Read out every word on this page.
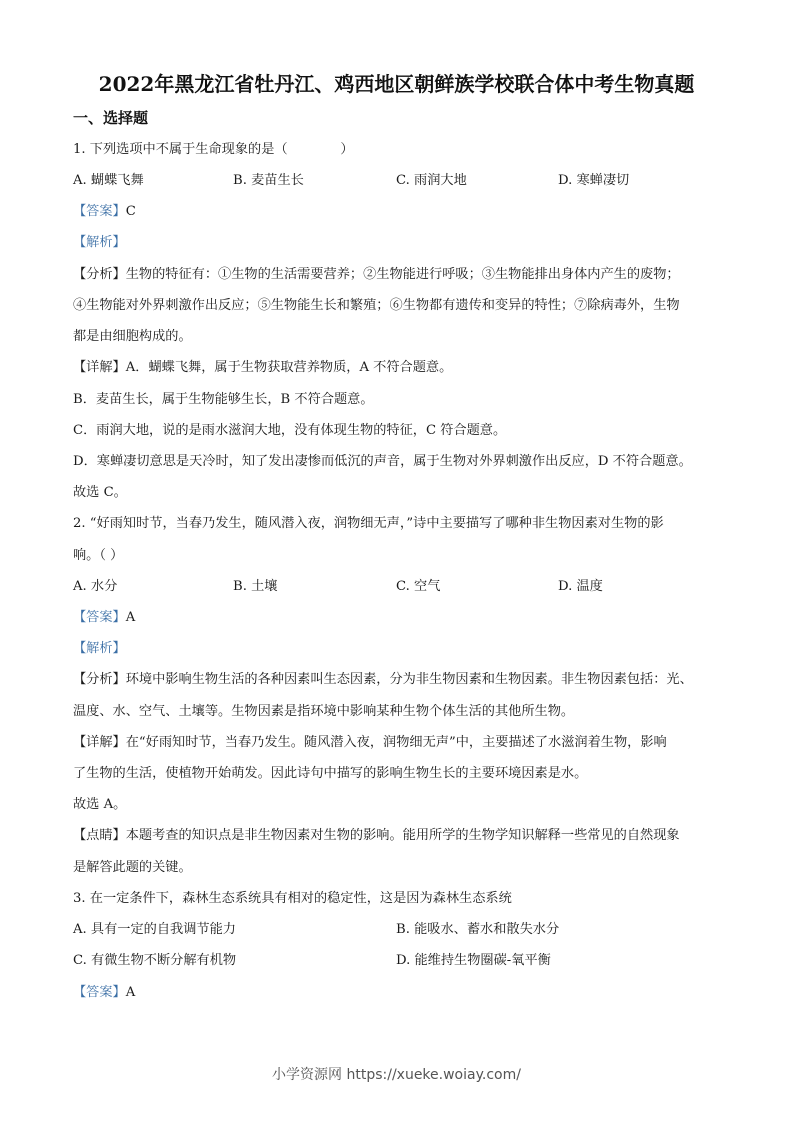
2022年黑龙江省牡丹江、鸡西地区朝鲜族学校联合体中考生物真题
一、选择题
1. 下列选项中不属于生命现象的是（　　　　）
A. 蝴蝶飞舞	B. 麦苗生长	C. 雨润大地	D. 寒蝉凄切
【答案】C
【解析】
【分析】生物的特征有：①生物的生活需要营养；②生物能进行呼吸；③生物能排出身体内产生的废物；
④生物能对外界刺激作出反应；⑤生物能生长和繁殖；⑥生物都有遗传和变异的特性；⑦除病毒外，生物
都是由细胞构成的。
【详解】A．蝴蝶飞舞，属于生物获取营养物质，A 不符合题意。
B．麦苗生长，属于生物能够生长，B 不符合题意。
C．雨润大地，说的是雨水滋润大地，没有体现生物的特征，C 符合题意。
D．寒蝉凄切意思是天冷时，知了发出凄惨而低沉的声音，属于生物对外界刺激作出反应，D 不符合题意。
故选 C。
2. “好雨知时节，当春乃发生，随风潜入夜，润物细无声，”诗中主要描写了哪种非生物因素对生物的影
响。（ ）
A. 水分	B. 土壤	C. 空气	D. 温度
【答案】A
【解析】
【分析】环境中影响生物生活的各种因素叫生态因素，分为非生物因素和生物因素。非生物因素包括：光、
温度、水、空气、土壤等。生物因素是指环境中影响某种生物个体生活的其他所生物。
【详解】在“好雨知时节，当春乃发生。随风潜入夜，润物细无声”中，主要描述了水滋润着生物，影响
了生物的生活，使植物开始萌发。因此诗句中描写的影响生物生长的主要环境因素是水。
故选 A。
【点睛】本题考查的知识点是非生物因素对生物的影响。能用所学的生物学知识解释一些常见的自然现象
是解答此题的关键。
3. 在一定条件下，森林生态系统具有相对的稳定性，这是因为森林生态系统
A. 具有一定的自我调节能力	B. 能吸水、蓄水和散失水分
C. 有微生物不断分解有机物	D. 能维持生物圈碳-氧平衡
【答案】A
小学资源网 https://xueke.woiay.com/
